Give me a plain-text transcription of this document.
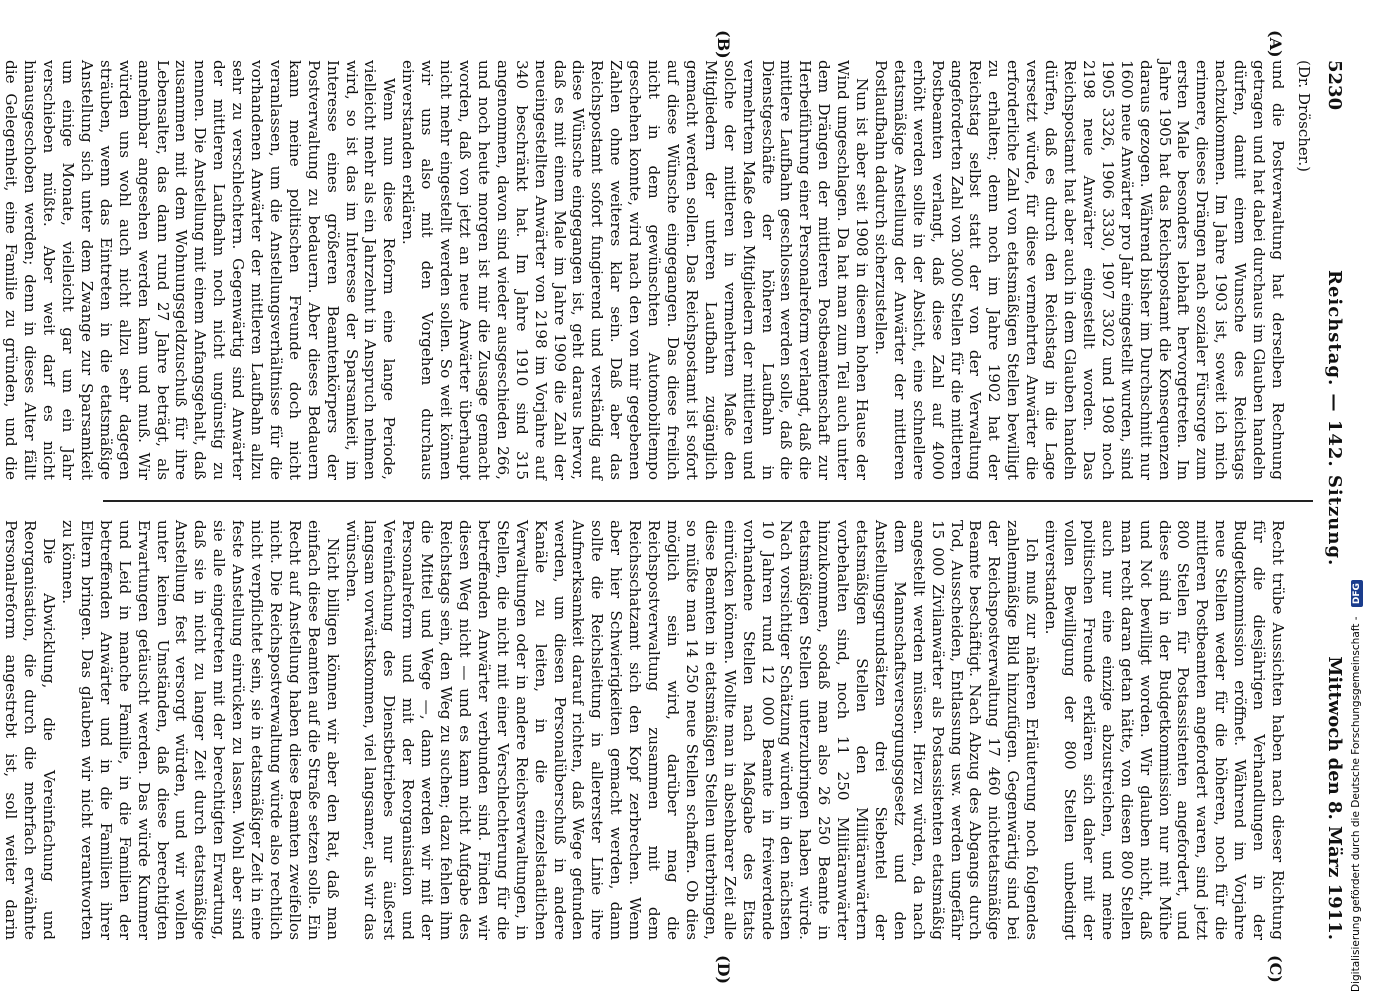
5230
Reichstag. — 142. Sitzung.
Mittwoch den 8. März 1911.
(Dr. Dröscher.)
(A)
(B)
(C)
(D)

und die Postverwaltung hat derselben Rechnung getragen und hat dabei durchaus im Glauben handeln dürfen, damit einem Wunsche des Reichstags nachzukommen. Im Jahre 1903 ist, soweit ich mich erinnere, dieses Drängen nach sozialer Fürsorge zum ersten Male besonders lebhaft hervorgetreten. Im Jahre 1905 hat das Reichspostamt die Konsequenzen daraus gezogen. Während bisher im Durchschnitt nur 1600 neue Anwärter pro Jahr eingestellt wurden, sind 1905 3326, 1906 3330, 1907 3302 und 1908 noch 2198 neue Anwärter eingestellt worden. Das Reichspostamt hat aber auch in dem Glauben handeln dürfen, daß es durch den Reichstag in die Lage versetzt würde, für diese vermehrten Anwärter die erforderliche Zahl von etatsmäßigen Stellen bewilligt zu erhalten; denn noch im Jahre 1902 hat der Reichstag selbst statt der von der Verwaltung angeforderten Zahl von 3000 Stellen für die mittleren Postbeamten verlangt, daß diese Zahl auf 4000 erhöht werden sollte in der Absicht, eine schnellere etatsmäßige Anstellung der Anwärter der mittleren Postlaufbahn dadurch sicherzustellen.

Nun ist aber seit 1908 in diesem hohen Hause der Wind umgeschlagen. Da hat man zum Teil auch unter dem Drängen der mittleren Postbeamtenschaft zur Herbeiführung einer Personalreform verlangt, daß die mittlere Laufbahn geschlossen werden solle, daß die Dienstgeschäfte der höheren Laufbahn in vermehrtem Maße den Mitgliedern der mittleren und solche der mittleren in vermehrtem Maße den Mitgliedern der unteren Laufbahn zugänglich gemacht werden sollen. Das Reichspostamt ist sofort auf diese Wünsche eingegangen. Das diese freilich nicht in dem gewünschten Automobiltempo geschehen konnte, wird nach den von mir gegebenen Zahlen ohne weiteres klar sein. Daß aber das Reichspostamt sofort fungierend und verständig auf diese Wünsche eingegangen ist, geht daraus hervor, daß es mit einem Male im Jahre 1909 die Zahl der neueingestellten Anwärter von 2198 im Vorjahre auf 340 beschränkt hat. Im Jahre 1910 sind 315 angenommen, davon sind wieder ausgeschieden 266, und noch heute morgen ist mir die Zusage gemacht worden, daß von jetzt an neue Anwärter überhaupt nicht mehr eingestellt werden sollen. So weit können wir uns also mit den Vorgehen durchaus einverstanden erklären.

Wenn nun diese Reform eine lange Periode, vielleicht mehr als ein Jahrzehnt in Anspruch nehmen wird, so ist das im Interesse der Sparsamkeit, im Interesse eines größeren Beamtenkörpers der Postverwaltung zu bedauern. Aber dieses Bedauern kann meine politischen Freunde doch nicht veranlassen, um die Anstellungsverhältnisse für die vorhandenen Anwärter der mittleren Laufbahn allzu sehr zu verschlechtern. Gegenwärtig sind Anwärter der mittleren Laufbahn noch nicht ungünstig zu nennen. Die Anstellung mit einem Anfangsgehalt, daß zusammen mit dem Wohnungsgeldzuschuß für ihre Lebensalter, das dann rund 27 Jahre beträgt, als annehmbar angesehen werden kann und muß. Wir würden uns wohl auch nicht allzu sehr dagegen sträuben, wenn das Eintreten in die etatsmäßige Anstellung sich unter dem Zwange zur Sparsamkeit um einige Monate, vielleicht gar um ein Jahr verschieben müßte. Aber weit darf es nicht hinausgeschoben werden; denn in dieses Alter fällt die Gelegenheit, eine Familie zu gründen, und die

Recht trübe Aussichten haben nach dieser Richtung für die diesjährigen Verhandlungen in der Budgetkommission eröffnet. Während im Vorjahre neue Stellen weder für die höheren, noch für die mittleren Postbeamten angefordert waren, sind jetzt 800 Stellen für Postassistenten angefordert, und diese sind in der Budgetkommission nur mit Mühe und Not bewilligt worden. Wir glauben nicht, daß man recht daran getan hätte, von diesen 800 Stellen auch nur eine einzige abzustreichen, und meine politischen Freunde erklären sich daher mit der vollen Bewilligung der 800 Stellen unbedingt einverstanden.

Ich muß zur näheren Erläuterung noch folgendes zahlenmäßige Bild hinzufügen. Gegenwärtig sind bei der Reichspostverwaltung 17 460 nichtetatsmäßige Beamte beschäftigt. Nach Abzug des Abgangs durch Tod, Ausscheiden, Entlassung usw. werden ungefähr 15 000 Zivilanwärter als Postassistenten etatsmäßig angestellt werden müssen. Hierzu würden, da nach dem Mannschaftsversorgungsgesetz und den Anstellungsgrundsätzen drei Siebentel der etatsmäßigen Stellen den Militäranwärtern vorbehalten sind, noch 11 250 Militäranwärter hinzukommen, sodaß man also 26 250 Beamte in etatsmäßigen Stellen unterzubringen haben würde. Nach vorsichtiger Schätzung würden in den nächsten 10 Jahren rund 12 000 Beamte in freiwerdende vorhandene Stellen nach Maßgabe des Etats einrücken können. Wollte man in absehbarer Zeit alle diese Beamten in etatsmäßigen Stellen unterbringen, so müßte man 14 250 neue Stellen schaffen. Ob dies möglich sein wird, darüber mag die Reichspostverwaltung zusammen mit dem Reichsschatzamt sich den Kopf zerbrechen. Wenn aber hier Schwierigkeiten gemacht werden, dann sollte die Reichsleitung in allererster Linie ihre Aufmerksamkeit darauf richten, daß Wege gefunden werden, um diesen Personalüberschuß in andere Kanäle zu leiten, in die einzelstaatlichen Verwaltungen oder in andere Reichsverwaltungen, in Stellen, die nicht mit einer Verschlechterung für die betreffenden Anwärter verbunden sind. Finden wir diesen Weg nicht — und es kann nicht Aufgabe des Reichstags sein, den Weg zu suchen; dazu fehlen ihm die Mittel und Wege —, dann werden wir mit der Personalreform und mit der Reorganisation und Vereinfachung des Dienstbetriebes nur äußerst langsam vorwärtskommen, viel langsamer, als wir das wünschen.

Nicht billigen können wir aber den Rat, daß man einfach diese Beamten auf die Straße setzen solle. Ein Recht auf Anstellung haben diese Beamten zweifellos nicht. Die Reichspostverwaltung würde also rechtlich nicht verpflichtet sein, sie in etatsmäßiger Zeit in eine feste Anstellung einrücken zu lassen. Wohl aber sind sie alle eingetreten mit der berechtigten Erwartung, daß sie in nicht zu langer Zeit durch etatsmäßige Anstellung fest versorgt würden, und wir wollen unter keinen Umständen, daß diese berechtigten Erwartungen getäuscht werden. Das würde Kummer und Leid in manche Familie, in die Familien der betreffenden Anwärter und in die Familien ihrer Eltern bringen. Das glauben wir nicht verantworten zu können.

Die Abwicklung, die Vereinfachung und Reorganisation, die durch die mehrfach erwähnte Personalreform angestrebt ist, soll weiter darin	Digitalisierung gefördert durch die Deutsche Forschungsgemeinschaft - DFG
